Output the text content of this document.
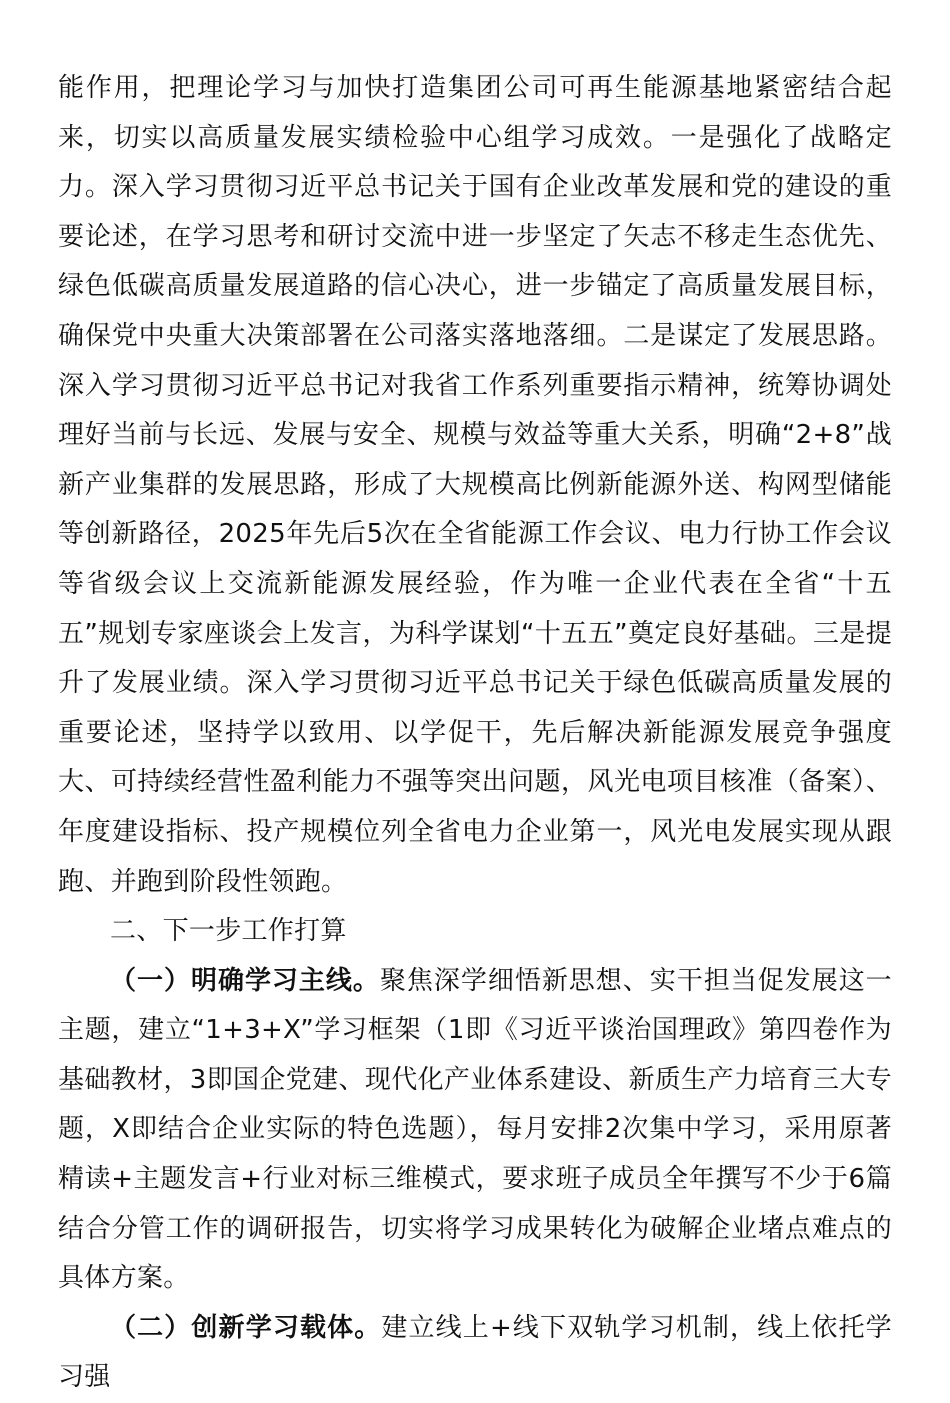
能作用，把理论学习与加快打造集团公司可再生能源基地紧密结合起来，切实以高质量发展实绩检验中心组学习成效。一是强化了战略定力。深入学习贯彻习近平总书记关于国有企业改革发展和党的建设的重要论述，在学习思考和研讨交流中进一步坚定了矢志不移走生态优先、绿色低碳高质量发展道路的信心决心，进一步锚定了高质量发展目标，确保党中央重大决策部署在公司落实落地落细。二是谋定了发展思路。深入学习贯彻习近平总书记对我省工作系列重要指示精神，统筹协调处理好当前与长远、发展与安全、规模与效益等重大关系，明确“2+8”战新产业集群的发展思路，形成了大规模高比例新能源外送、构网型储能等创新路径，2025年先后5次在全省能源工作会议、电力行协工作会议等省级会议上交流新能源发展经验，作为唯一企业代表在全省“十五五”规划专家座谈会上发言，为科学谋划“十五五”奠定良好基础。三是提升了发展业绩。深入学习贯彻习近平总书记关于绿色低碳高质量发展的重要论述，坚持学以致用、以学促干，先后解决新能源发展竞争强度大、可持续经营性盈利能力不强等突出问题，风光电项目核准（备案）、年度建设指标、投产规模位列全省电力企业第一，风光电发展实现从跟跑、并跑到阶段性领跑。

二、下一步工作打算

（一）明确学习主线。聚焦深学细悟新思想、实干担当促发展这一主题，建立“1+3+X”学习框架（1即《习近平谈治国理政》第四卷作为基础教材，3即国企党建、现代化产业体系建设、新质生产力培育三大专题，X即结合企业实际的特色选题），每月安排2次集中学习，采用原著精读+主题发言+行业对标三维模式，要求班子成员全年撰写不少于6篇结合分管工作的调研报告，切实将学习成果转化为破解企业堵点难点的具体方案。

（二）创新学习载体。建立线上+线下双轨学习机制，线上依托学习强
